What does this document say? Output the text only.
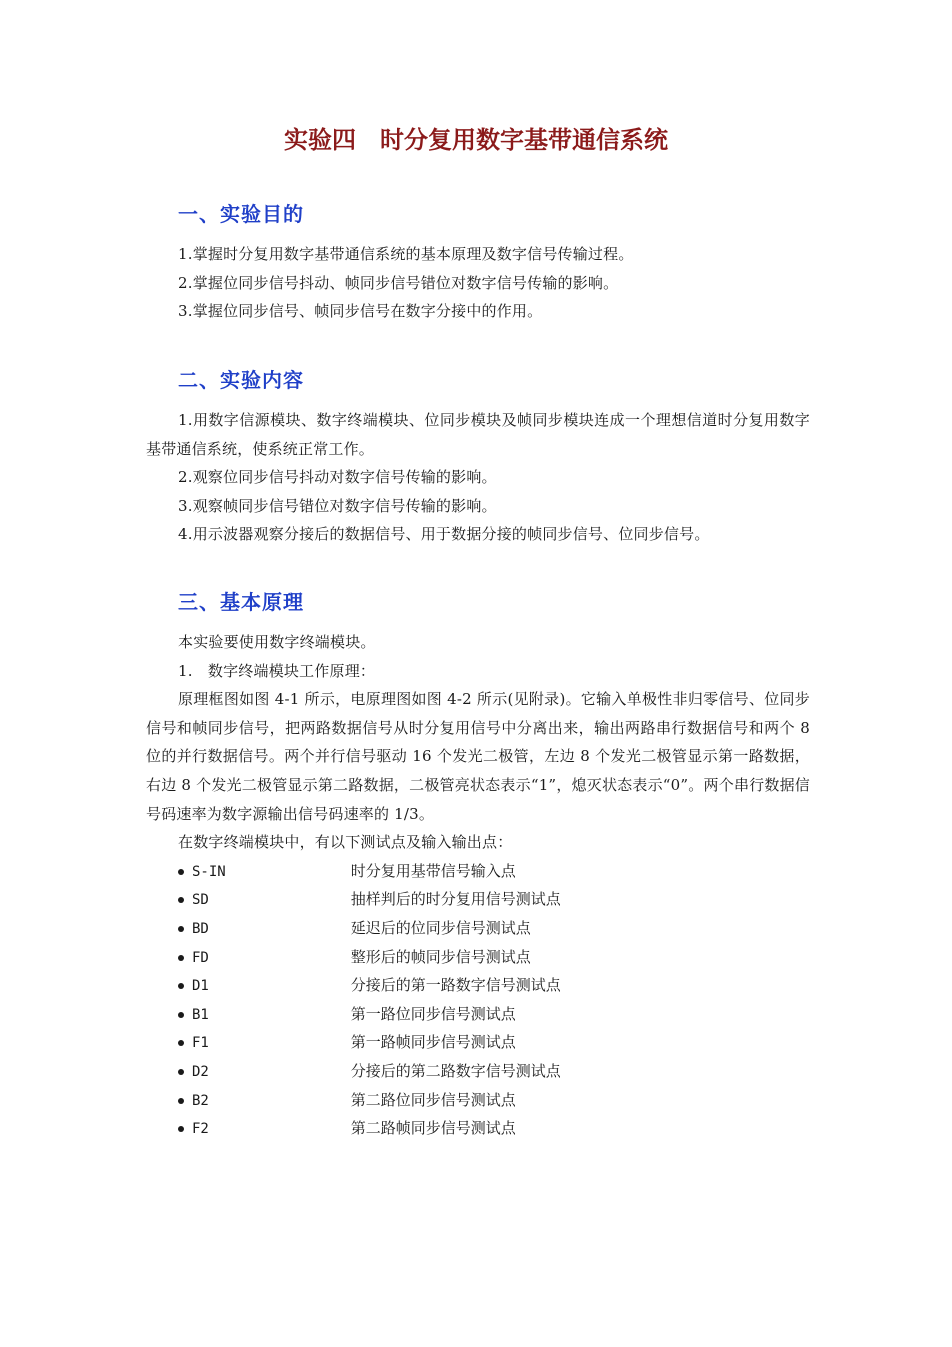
实验四　时分复用数字基带通信系统
一、实验目的

1.掌握时分复用数字基带通信系统的基本原理及数字信号传输过程。

2.掌握位同步信号抖动、帧同步信号错位对数字信号传输的影响。

3.掌握位同步信号、帧同步信号在数字分接中的作用。

二、实验内容

1.用数字信源模块、数字终端模块、位同步模块及帧同步模块连成一个理想信道时分复用数字基带通信系统，使系统正常工作。

2.观察位同步信号抖动对数字信号传输的影响。

3.观察帧同步信号错位对数字信号传输的影响。

4.用示波器观察分接后的数据信号、用于数据分接的帧同步信号、位同步信号。

三、基本原理

本实验要使用数字终端模块。

1.　数字终端模块工作原理：

原理框图如图 4-1 所示，电原理图如图 4-2 所示(见附录)。它输入单极性非归零信号、位同步信号和帧同步信号，把两路数据信号从时分复用信号中分离出来，输出两路串行数据信号和两个 8 位的并行数据信号。两个并行信号驱动 16 个发光二极管，左边 8 个发光二极管显示第一路数据，右边 8 个发光二极管显示第二路数据，二极管亮状态表示“1”，熄灭状态表示“0”。两个串行数据信号码速率为数字源输出信号码速率的 1/3。

在数字终端模块中，有以下测试点及输入输出点：

S-IN	时分复用基带信号输入点
SD	抽样判后的时分复用信号测试点
BD	延迟后的位同步信号测试点
FD	整形后的帧同步信号测试点
D1	分接后的第一路数字信号测试点
B1	第一路位同步信号测试点
F1	第一路帧同步信号测试点
D2	分接后的第二路数字信号测试点
B2	第二路位同步信号测试点
F2	第二路帧同步信号测试点
